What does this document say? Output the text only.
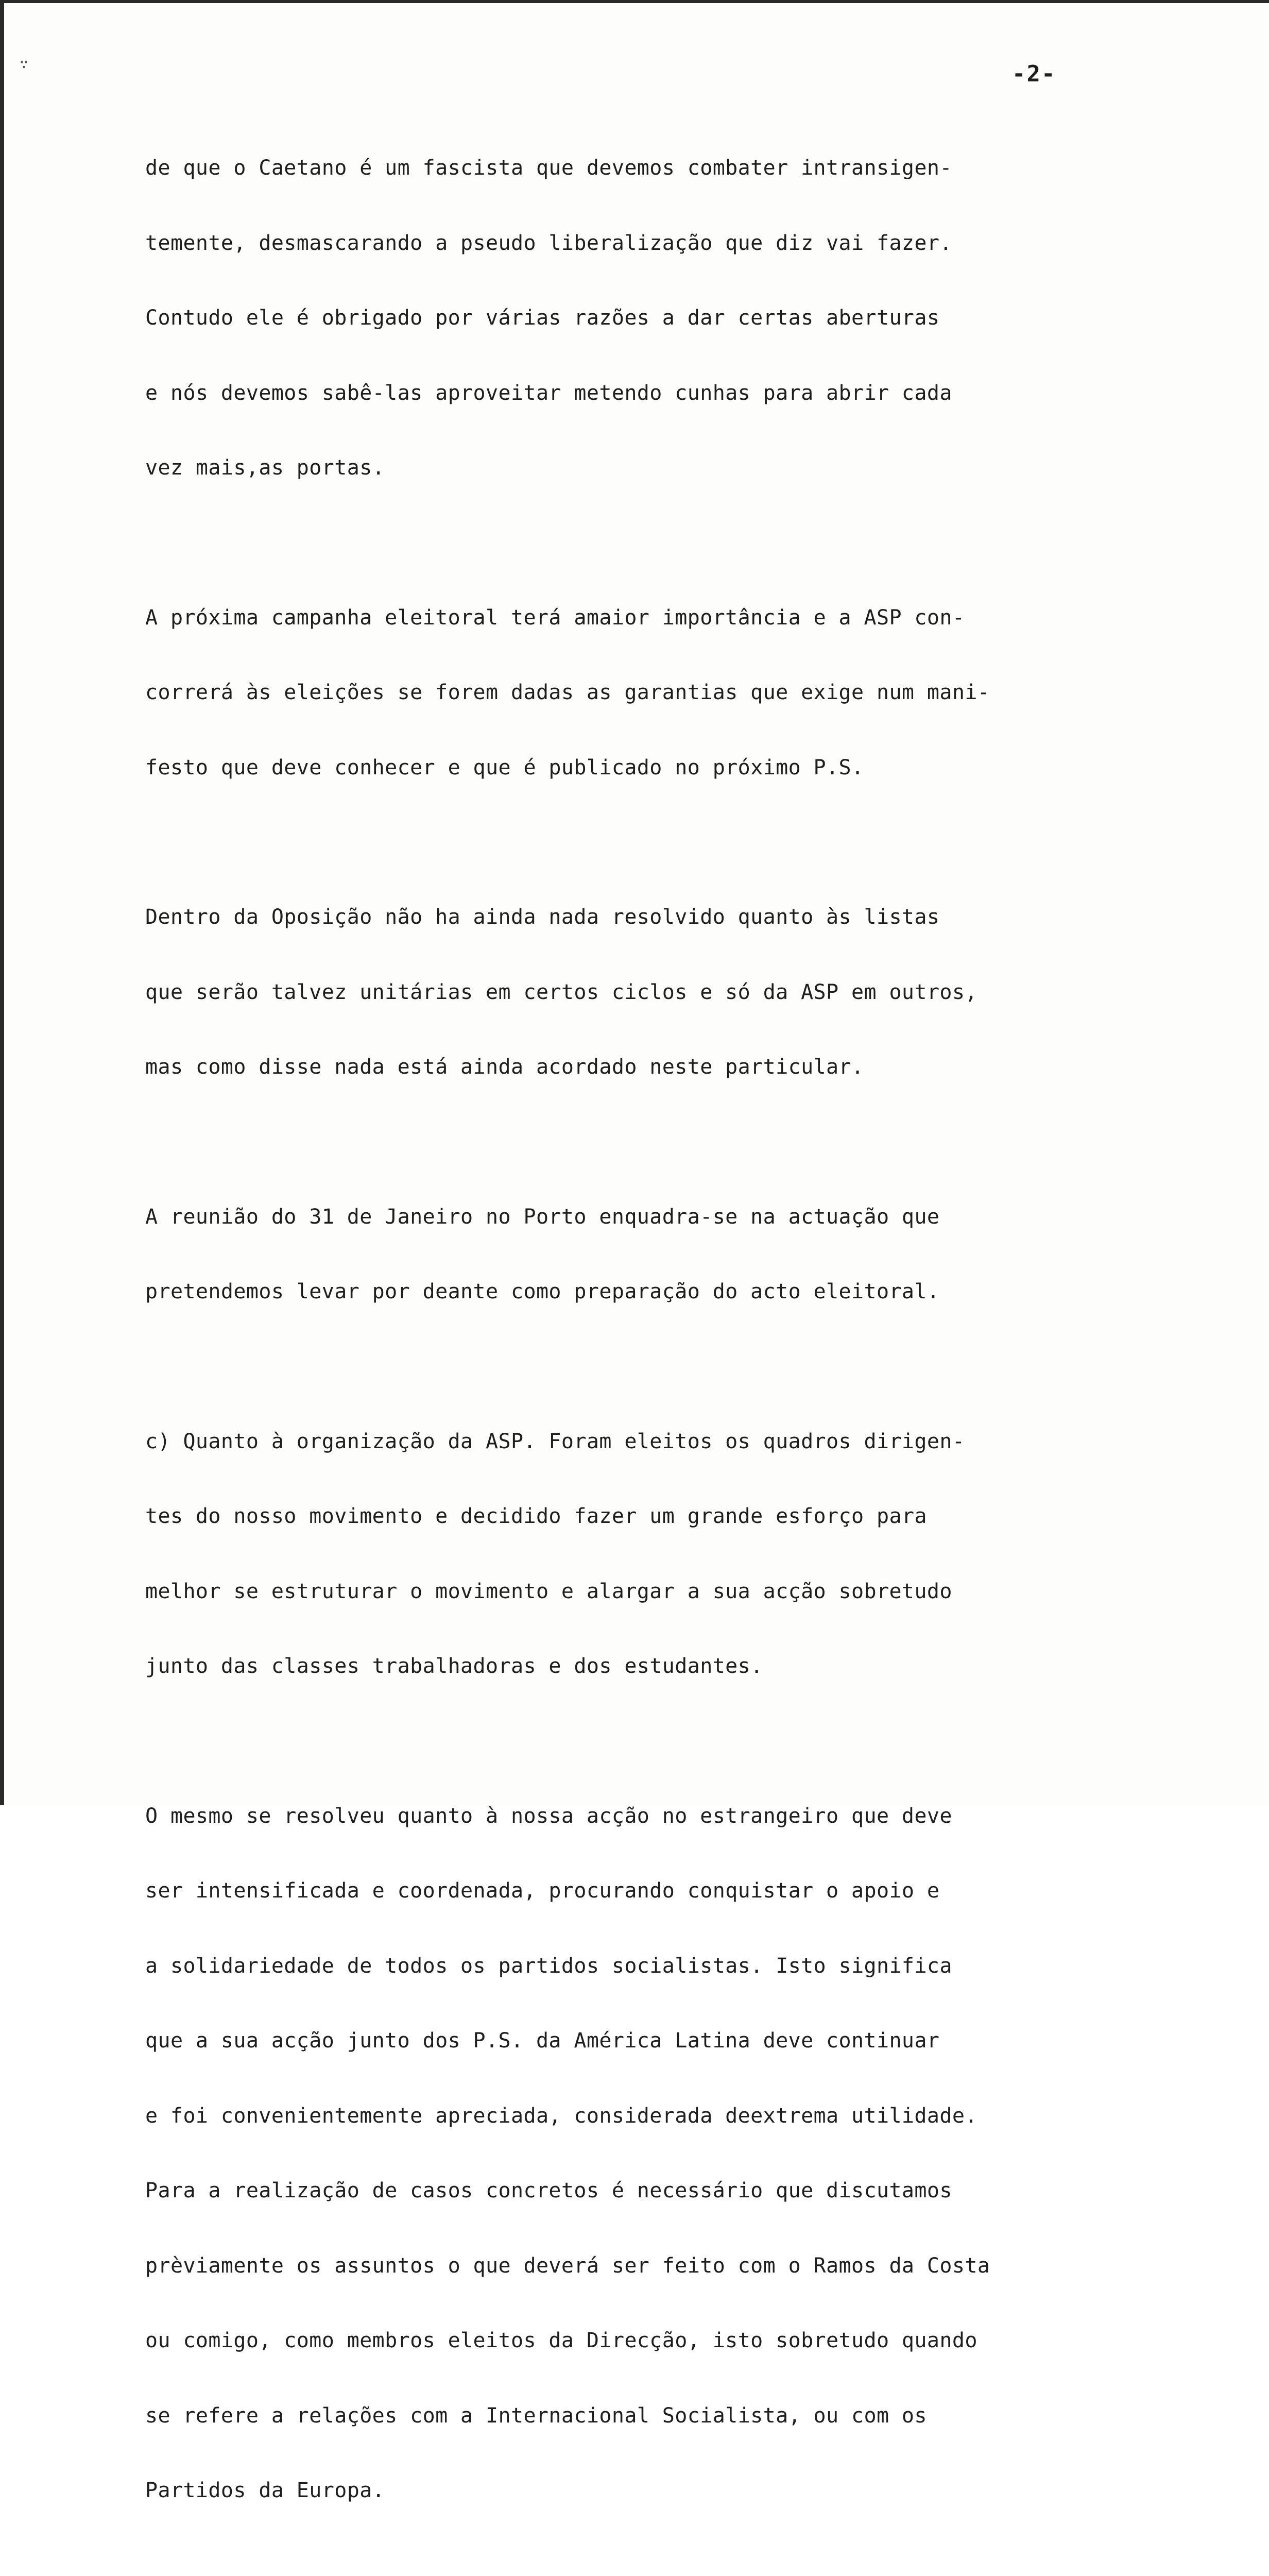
∵	-2-

de que o Caetano é um fascista que devemos combater intransigen-

temente, desmascarando a pseudo liberalização que diz vai fazer.

Contudo ele é obrigado por várias razões a dar certas aberturas

e nós devemos sabê-las aproveitar metendo cunhas para abrir cada

vez mais,as portas.

A próxima campanha eleitoral terá amaior importância e a ASP con-

correrá às eleições se forem dadas as garantias que exige num mani-

festo que deve conhecer e que é publicado no próximo P.S.

Dentro da Oposição não ha ainda nada resolvido quanto às listas

que serão talvez unitárias em certos ciclos e só da ASP em outros,

mas como disse nada está ainda acordado neste particular.

A reunião do 31 de Janeiro no Porto enquadra-se na actuação que

pretendemos levar por deante como preparação do acto eleitoral.

c) Quanto à organização da ASP. Foram eleitos os quadros dirigen-

tes do nosso movimento e decidido fazer um grande esforço para

melhor se estruturar o movimento e alargar a sua acção sobretudo

junto das classes trabalhadoras e dos estudantes.

O mesmo se resolveu quanto à nossa acção no estrangeiro que deve

ser intensificada e coordenada, procurando conquistar o apoio e

a solidariedade de todos os partidos socialistas. Isto significa

que a sua acção junto dos P.S. da América Latina deve continuar

e foi convenientemente apreciada, considerada deextrema utilidade.

Para a realização de casos concretos é necessário que discutamos

prèviamente os assuntos o que deverá ser feito com o Ramos da Costa

ou comigo, como membros eleitos da Direcção, isto sobretudo quando

se refere a relações com a Internacional Socialista, ou com os

Partidos da Europa.
